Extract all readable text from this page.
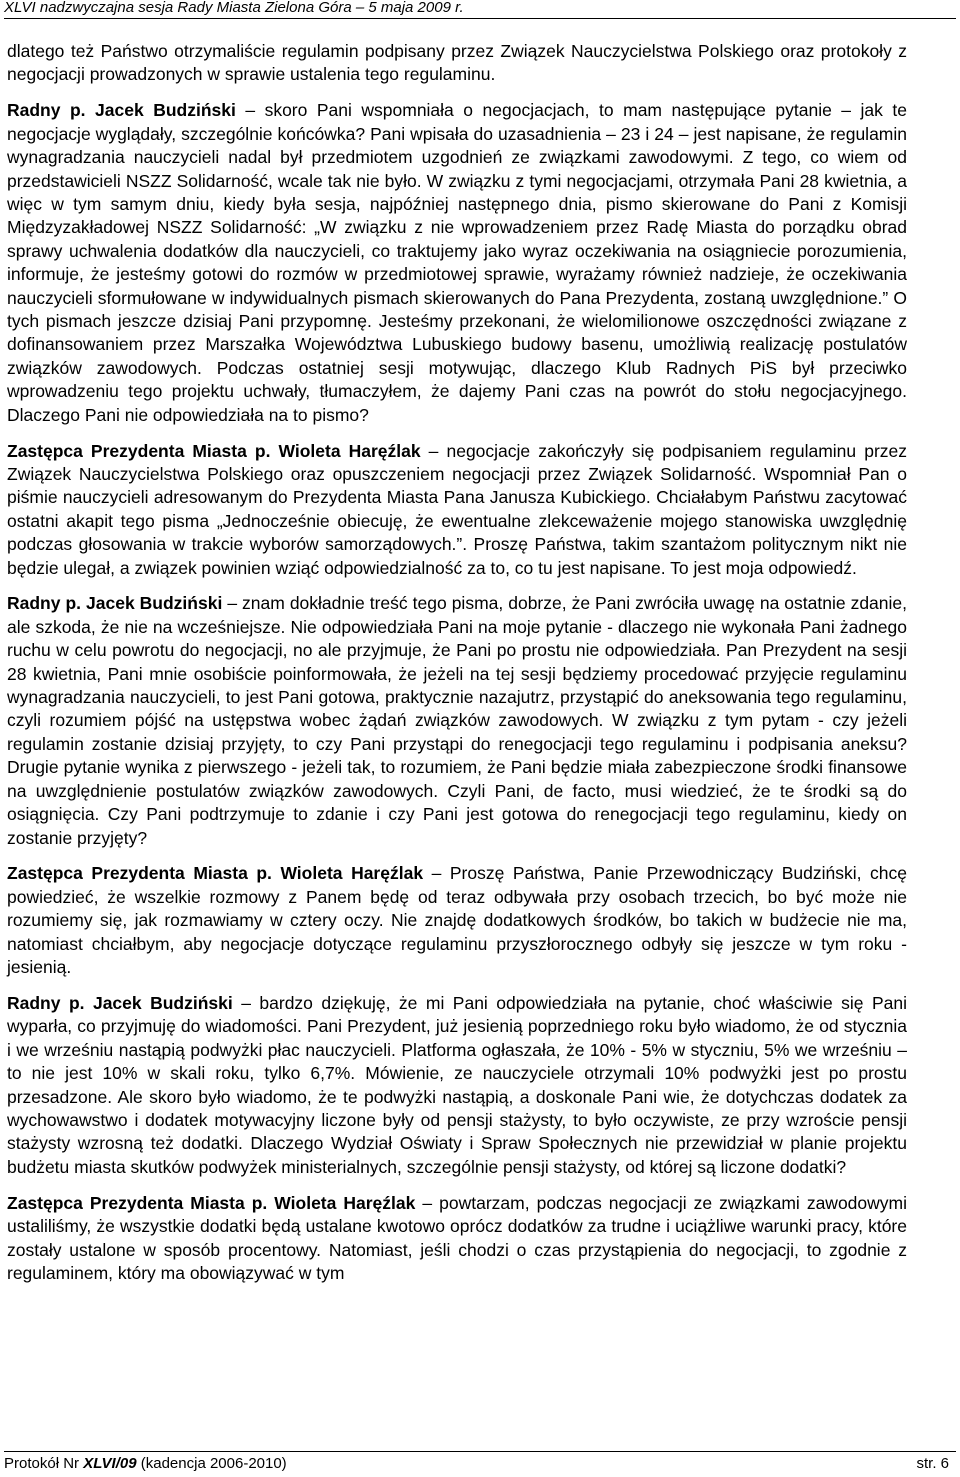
XLVI nadzwyczajna sesja Rady Miasta Zielona Góra – 5 maja 2009 r.

dlatego też Państwo otrzymaliście regulamin podpisany przez Związek Nauczycielstwa Polskiego oraz protokoły z negocjacji prowadzonych w sprawie ustalenia tego regulaminu.

Radny p. Jacek Budziński – skoro Pani wspomniała o negocjacjach, to mam następujące pytanie – jak te negocjacje wyglądały, szczególnie końcówka? Pani wpisała do uzasadnienia – 23 i 24 – jest napisane, że regulamin wynagradzania nauczycieli nadal był przedmiotem uzgodnień ze związkami zawodowymi. Z tego, co wiem od przedstawicieli NSZZ Solidarność, wcale tak nie było. W związku z tymi negocjacjami, otrzymała Pani 28 kwietnia, a więc w tym samym dniu, kiedy była sesja, najpóźniej następnego dnia, pismo skierowane do Pani z Komisji Międzyzakładowej NSZZ Solidarność: „W związku z nie wprowadzeniem przez Radę Miasta do porządku obrad sprawy uchwalenia dodatków dla nauczycieli, co traktujemy jako wyraz oczekiwania na osiągniecie porozumienia, informuje, że jesteśmy gotowi do rozmów w przedmiotowej sprawie, wyrażamy również nadzieje, że oczekiwania nauczycieli sformułowane w indywidualnych pismach skierowanych do Pana Prezydenta, zostaną uwzględnione.” O tych pismach jeszcze dzisiaj Pani przypomnę. Jesteśmy przekonani, że wielomilionowe oszczędności związane z dofinansowaniem przez Marszałka Województwa Lubuskiego budowy basenu, umożliwią realizację postulatów związków zawodowych. Podczas ostatniej sesji motywując, dlaczego Klub Radnych PiS był przeciwko wprowadzeniu tego projektu uchwały, tłumaczyłem, że dajemy Pani czas na powrót do stołu negocjacyjnego. Dlaczego Pani nie odpowiedziała na to pismo?

Zastępca Prezydenta Miasta p. Wioleta Haręźlak – negocjacje zakończyły się podpisaniem regulaminu przez Związek Nauczycielstwa Polskiego oraz opuszczeniem negocjacji przez Związek Solidarność. Wspomniał Pan o piśmie nauczycieli adresowanym do Prezydenta Miasta Pana Janusza Kubickiego. Chciałabym Państwu zacytować ostatni akapit tego pisma „Jednocześnie obiecuję, że ewentualne zlekceważenie mojego stanowiska uwzględnię podczas głosowania w trakcie wyborów samorządowych.”. Proszę Państwa, takim szantażom politycznym nikt nie będzie ulegał, a związek powinien wziąć odpowiedzialność za to, co tu jest napisane. To jest moja odpowiedź.

Radny p. Jacek Budziński – znam dokładnie treść tego pisma, dobrze, że Pani zwróciła uwagę na ostatnie zdanie, ale szkoda, że nie na wcześniejsze. Nie odpowiedziała Pani na moje pytanie - dlaczego nie wykonała Pani żadnego ruchu w celu powrotu do negocjacji, no ale przyjmuje, że Pani po prostu nie odpowiedziała. Pan Prezydent na sesji 28 kwietnia, Pani mnie osobiście poinformowała, że jeżeli na tej sesji będziemy procedować przyjęcie regulaminu wynagradzania nauczycieli, to jest Pani gotowa, praktycznie nazajutrz, przystąpić do aneksowania tego regulaminu, czyli rozumiem pójść na ustępstwa wobec żądań związków zawodowych. W związku z tym pytam - czy jeżeli regulamin zostanie dzisiaj przyjęty, to czy Pani przystąpi do renegocjacji tego regulaminu i podpisania aneksu? Drugie pytanie wynika z pierwszego - jeżeli tak, to rozumiem, że Pani będzie miała zabezpieczone środki finansowe na uwzględnienie postulatów związków zawodowych. Czyli Pani, de facto, musi wiedzieć, że te środki są do osiągnięcia. Czy Pani podtrzymuje to zdanie i czy Pani jest gotowa do renegocjacji tego regulaminu, kiedy on zostanie przyjęty?

Zastępca Prezydenta Miasta p. Wioleta Haręźlak – Proszę Państwa, Panie Przewodniczący Budziński, chcę powiedzieć, że wszelkie rozmowy z Panem będę od teraz odbywała przy osobach trzecich, bo być może nie rozumiemy się, jak rozmawiamy w cztery oczy. Nie znajdę dodatkowych środków, bo takich w budżecie nie ma, natomiast chciałbym, aby negocjacje dotyczące regulaminu przyszłorocznego odbyły się jeszcze w tym roku - jesienią.

Radny p. Jacek Budziński – bardzo dziękuję, że mi Pani odpowiedziała na pytanie, choć właściwie się Pani wyparła, co przyjmuję do wiadomości. Pani Prezydent, już jesienią poprzedniego roku było wiadomo, że od stycznia i we wrześniu nastąpią podwyżki płac nauczycieli. Platforma ogłaszała, że 10% - 5% w styczniu, 5% we wrześniu – to nie jest 10% w skali roku, tylko 6,7%. Mówienie, ze nauczyciele otrzymali 10% podwyżki jest po prostu przesadzone. Ale skoro było wiadomo, że te podwyżki nastąpią, a doskonale Pani wie, że dotychczas dodatek za wychowawstwo i dodatek motywacyjny liczone były od pensji stażysty, to było oczywiste, ze przy wzroście pensji stażysty wzrosną też dodatki. Dlaczego Wydział Oświaty i Spraw Społecznych nie przewidział w planie projektu budżetu miasta skutków podwyżek ministerialnych, szczególnie pensji stażysty, od której są liczone dodatki?

Zastępca Prezydenta Miasta p. Wioleta Haręźlak – powtarzam, podczas negocjacji ze związkami zawodowymi ustaliliśmy, że wszystkie dodatki będą ustalane kwotowo oprócz dodatków za trudne i uciążliwe warunki pracy, które zostały ustalone w sposób procentowy. Natomiast, jeśli chodzi o czas przystąpienia do negocjacji, to zgodnie z regulaminem, który ma obowiązywać w tym

Protokół Nr XLVI/09 (kadencja 2006-2010)	str. 6
